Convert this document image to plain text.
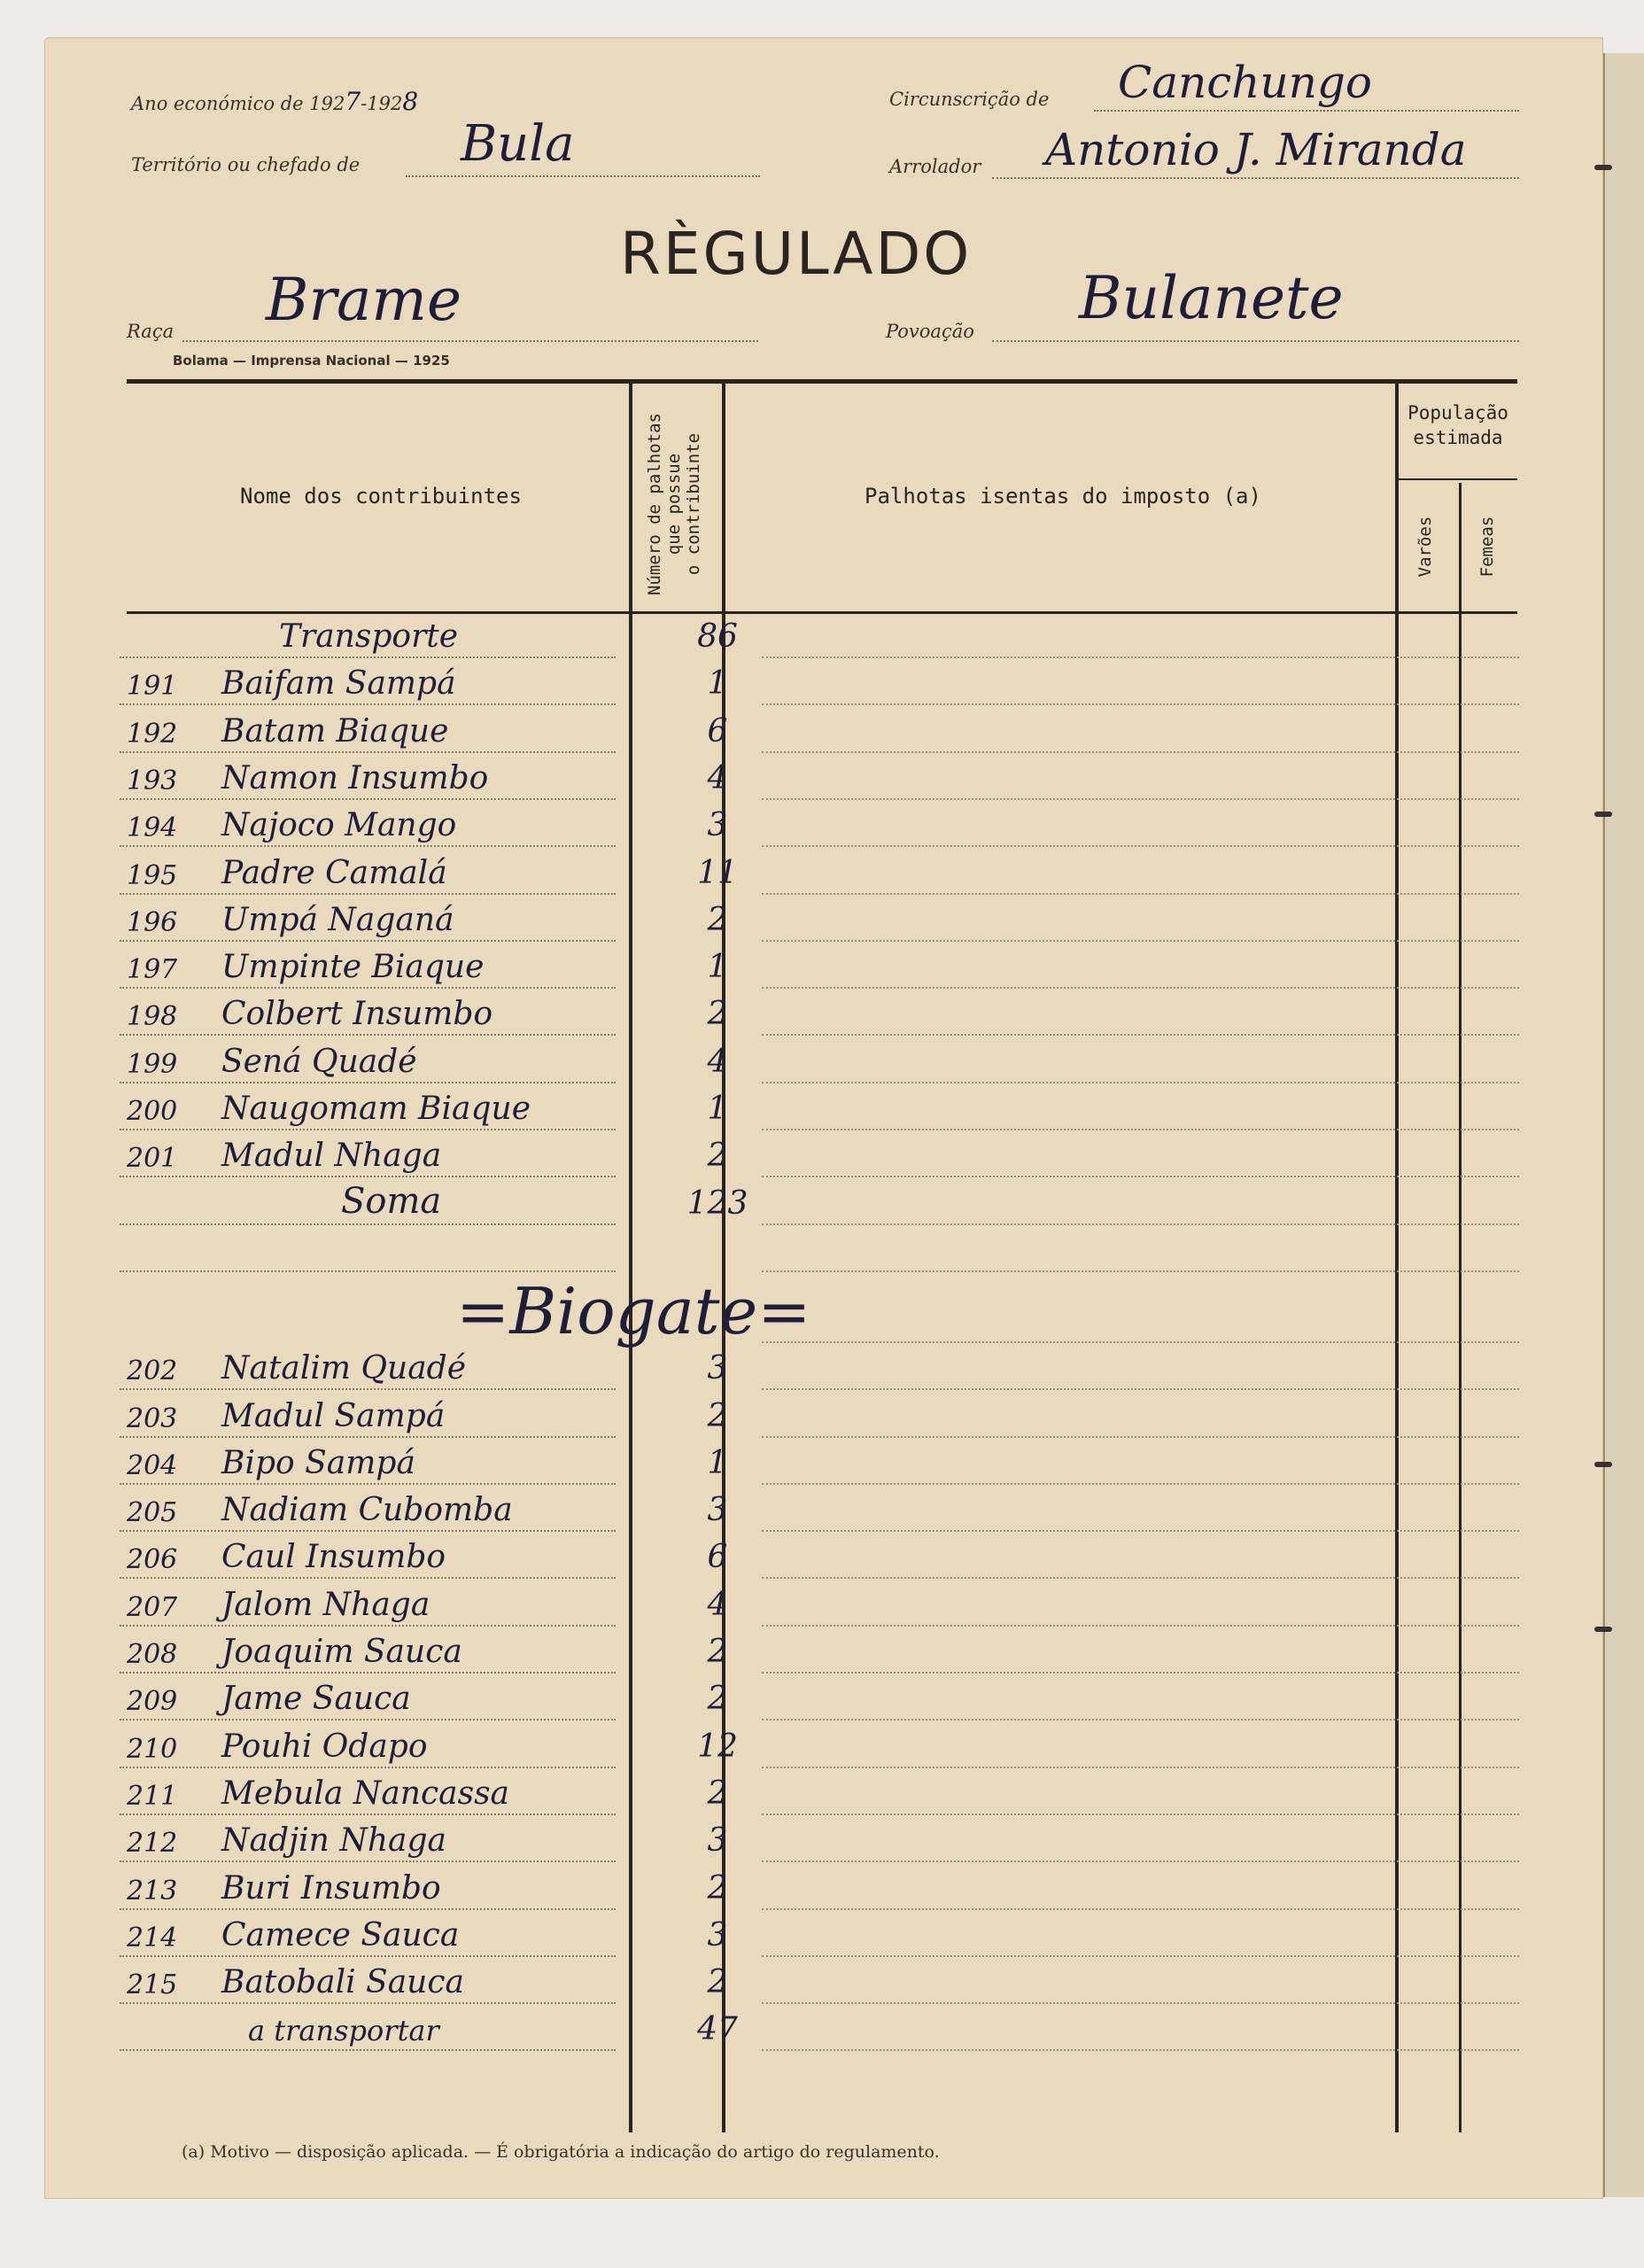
Ano económico de 1927-1928
Território ou chefado de Bula
Circunscrição de Canchungo
Arrolador Antonio J. Miranda
RÈGULADO
Raça Brame	Povoação Bulanete
Bolama — Imprensa Nacional — 1925
Nome dos contribuintes	Número de palhotas que possue o contribuinte	Palhotas isentas do imposto (a)
População
estimada
Varões	Femeas
Transporte	86
191 Baifam Sampá	1
192 Batam Biaque	6
193 Namon Insumbo	4
194 Najoco Mango	3
195 Padre Camalá	11
196 Umpá Naganá	2
197 Umpinte Biaque	1
198 Colbert Insumbo	2
199 Sená Quadé	4
200 Naugomam Biaque	1
201 Madul Nhaga	2
Soma	123
=Biogate=
202 Natalim Quadé	3
203 Madul Sampá	2
204 Bipo Sampá	1
205 Nadiam Cubomba	3
206 Caul Insumbo	6
207 Jalom Nhaga	4
208 Joaquim Sauca	2
209 Jame Sauca	2
210 Pouhi Odapo	12
211 Mebula Nancassa	2
212 Nadjin Nhaga	3
213 Buri Insumbo	2
214 Camece Sauca	3
215 Batobali Sauca	2
a transportar	47
(a) Motivo — disposição aplicada. — É obrigatória a indicação do artigo do regulamento.
